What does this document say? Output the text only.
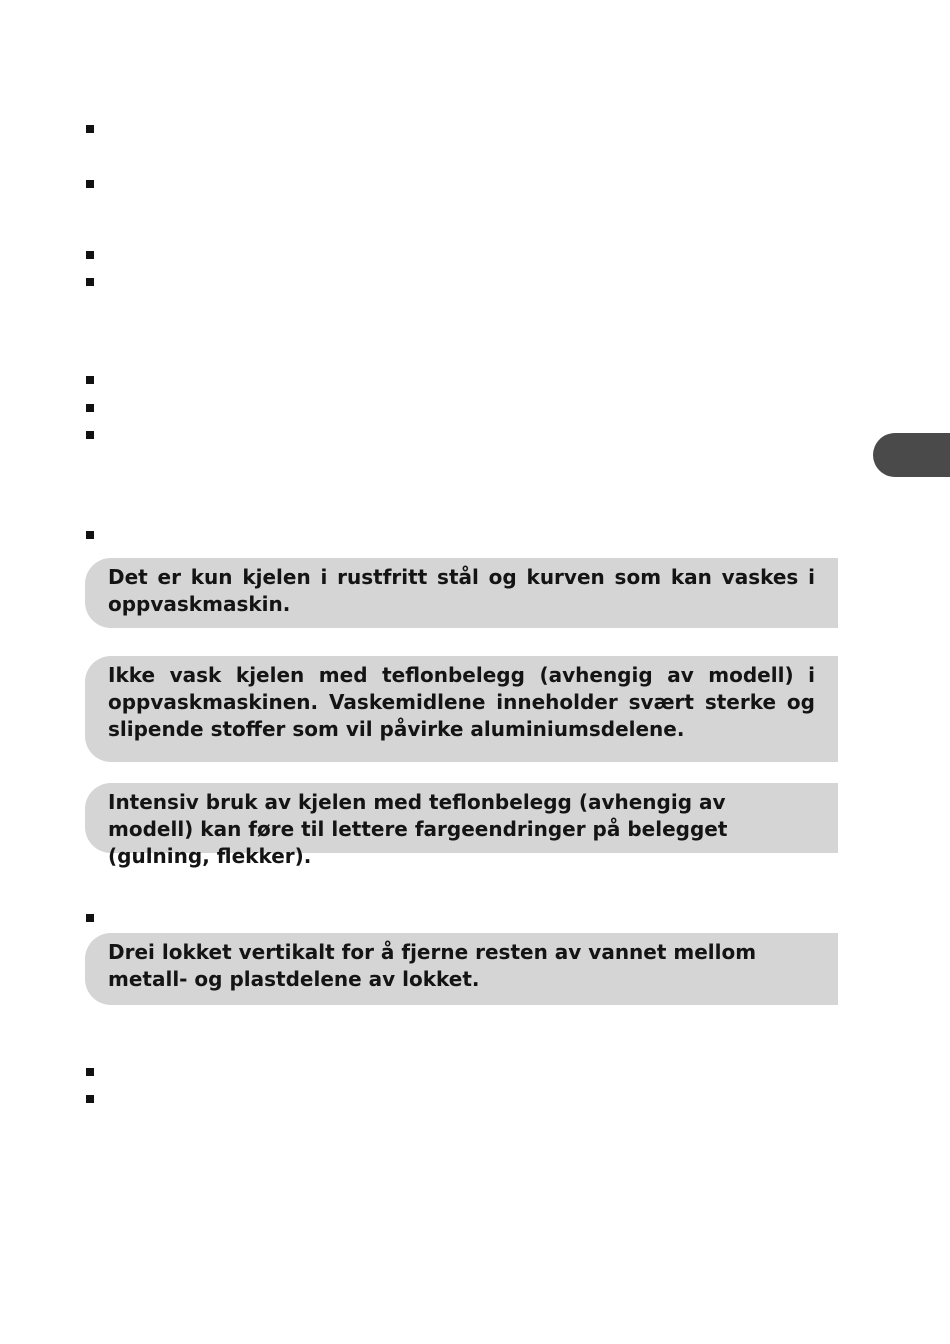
Det er kun kjelen i rustfritt stål og kurven som kan vaskes i oppvaskmaskin.

Ikke vask kjelen med teflonbelegg (avhengig av modell) i oppvaskmaskinen. Vaskemidlene inneholder svært sterke og slipende stoffer som vil påvirke aluminiumsdelene.

Intensiv bruk av kjelen med teflonbelegg (avhengig av modell) kan føre til lettere fargeendringer på belegget (gulning, flekker).

Drei lokket vertikalt for å fjerne resten av vannet mellom metall- og plastdelene av lokket.
